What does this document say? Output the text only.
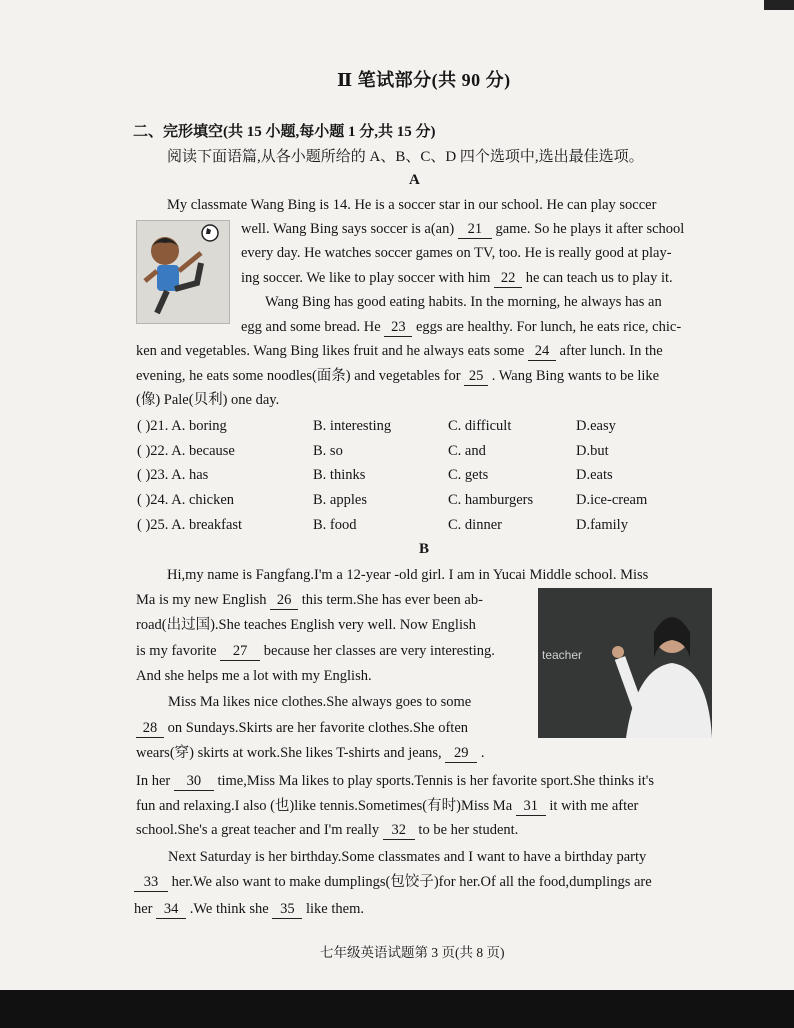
Ⅱ 笔试部分(共 90 分)
二、完形填空(共 15 小题,每小题 1 分,共 15 分)
阅读下面语篇,从各小题所给的 A、B、C、D 四个选项中,选出最佳选项。
A
My classmate Wang Bing is 14. He is a soccer star in our school. He can play soccer
well. Wang Bing says soccer is a(an) 21 game. So he plays it after school
every day. He watches soccer games on TV, too. He is really good at play-
ing soccer. We like to play soccer with him 22 he can teach us to play it.
Wang Bing has good eating habits. In the morning, he always has an
egg and some bread. He 23 eggs are healthy. For lunch, he eats rice, chic-
ken and vegetables. Wang Bing likes fruit and he always eats some 24 after lunch. In the
evening, he eats some noodles(面条) and vegetables for 25 . Wang Bing wants to be like
(像) Pale(贝利) one day.
( )21. A. boring	B. interesting	C. difficult	D.easy
( )22. A. because	B. so	C. and	D.but
( )23. A. has	B. thinks	C. gets	D.eats
( )24. A. chicken	B. apples	C. hamburgers	D.ice-cream
( )25. A. breakfast	B. food	C. dinner	D.family
B
teacher
Hi,my name is Fangfang.I'm a 12-year -old girl. I am in Yucai Middle school. Miss
Ma is my new English 26 this term.She has ever been ab-
road(出过国).She teaches English very well. Now English
is my favorite 27 because her classes are very interesting.
And she helps me a lot with my English.
Miss Ma likes nice clothes.She always goes to some
28 on Sundays.Skirts are her favorite clothes.She often
wears(穿) skirts at work.She likes T-shirts and jeans, 29 .
In her 30 time,Miss Ma likes to play sports.Tennis is her favorite sport.She thinks it's
fun and relaxing.I also (也)like tennis.Sometimes(有时)Miss Ma 31 it with me after
school.She's a great teacher and I'm really 32 to be her student.
Next Saturday is her birthday.Some classmates and I want to have a birthday party
33 her.We also want to make dumplings(包饺子)for her.Of all the food,dumplings are
her 34 .We think she 35 like them.
七年级英语试题第 3 页(共 8 页)
